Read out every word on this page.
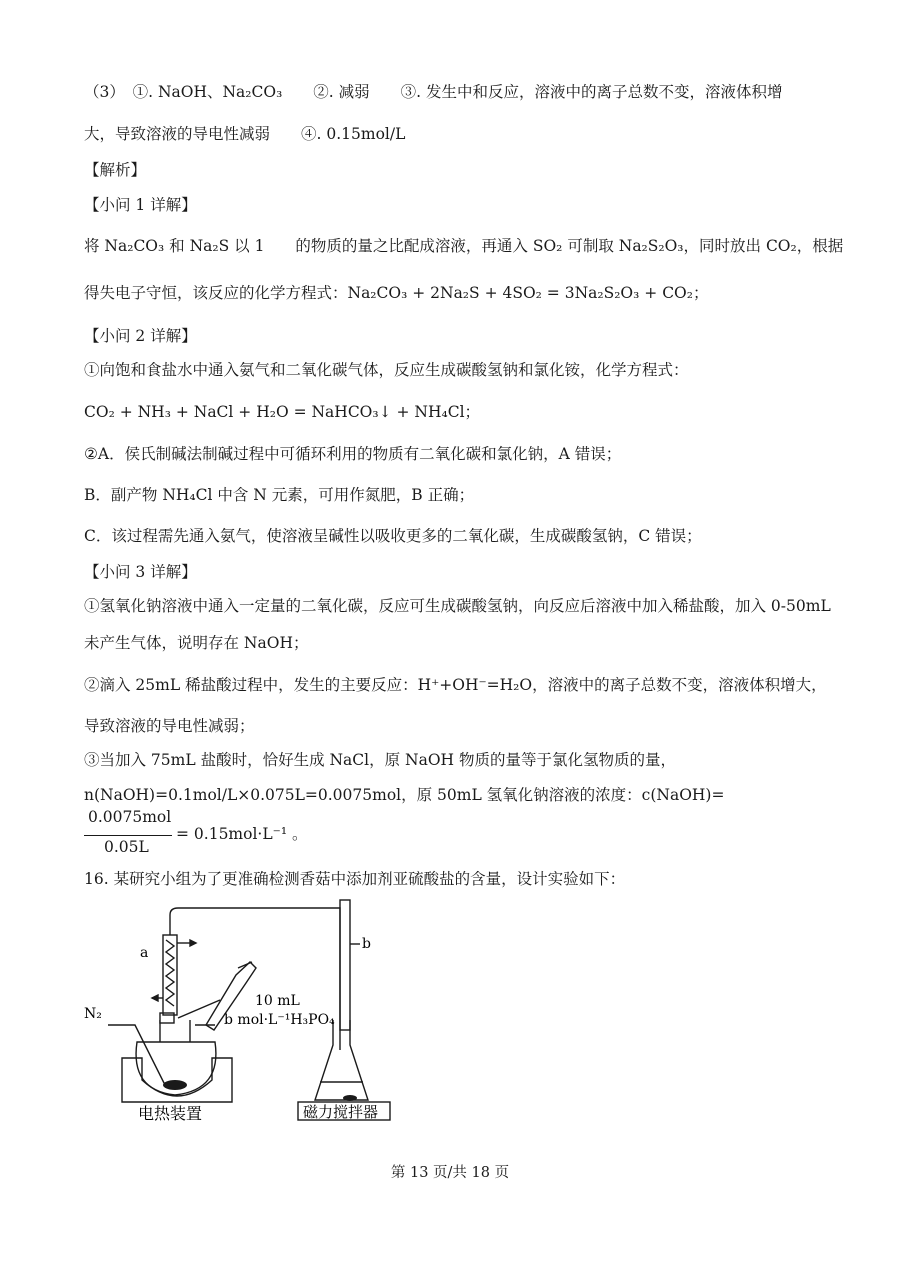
（3）　①. NaOH、Na₂CO₃　　②. 减弱　　③. 发生中和反应，溶液中的离子总数不变，溶液体积增
大，导致溶液的导电性减弱　　④. 0.15mol/L
【解析】
【小问 1 详解】
将 Na₂CO₃ 和 Na₂S 以 1　　的物质的量之比配成溶液，再通入 SO₂ 可制取 Na₂S₂O₃，同时放出 CO₂，根据
得失电子守恒，该反应的化学方程式：Na₂CO₃ + 2Na₂S + 4SO₂ = 3Na₂S₂O₃ + CO₂；
【小问 2 详解】
①向饱和食盐水中通入氨气和二氧化碳气体，反应生成碳酸氢钠和氯化铵，化学方程式：
CO₂ + NH₃ + NaCl + H₂O = NaHCO₃↓ + NH₄Cl；
②A．侯氏制碱法制碱过程中可循环利用的物质有二氧化碳和氯化钠，A 错误；
B．副产物 NH₄Cl 中含 N 元素，可用作氮肥，B 正确；
C．该过程需先通入氨气，使溶液呈碱性以吸收更多的二氧化碳，生成碳酸氢钠，C 错误；
【小问 3 详解】
①氢氧化钠溶液中通入一定量的二氧化碳，反应可生成碳酸氢钠，向反应后溶液中加入稀盐酸，加入 0-50mL
未产生气体，说明存在 NaOH；
②滴入 25mL 稀盐酸过程中，发生的主要反应：H⁺+OH⁻=H₂O，溶液中的离子总数不变，溶液体积增大，
导致溶液的导电性减弱；
③当加入 75mL 盐酸时，恰好生成 NaCl，原 NaOH 物质的量等于氯化氢物质的量，
n(NaOH)=0.1mol/L×0.075L=0.0075mol，原 50mL 氢氧化钠溶液的浓度：c(NaOH)=
0.0075mol
0.05L
= 0.15mol·L⁻¹ 。
16. 某研究小组为了更准确检测香菇中添加剂亚硫酸盐的含量，设计实验如下：
a
b
N₂
10 mL
b mol·L⁻¹H₃PO₄
电热装置	磁力搅拌器
第 13 页/共 18 页
